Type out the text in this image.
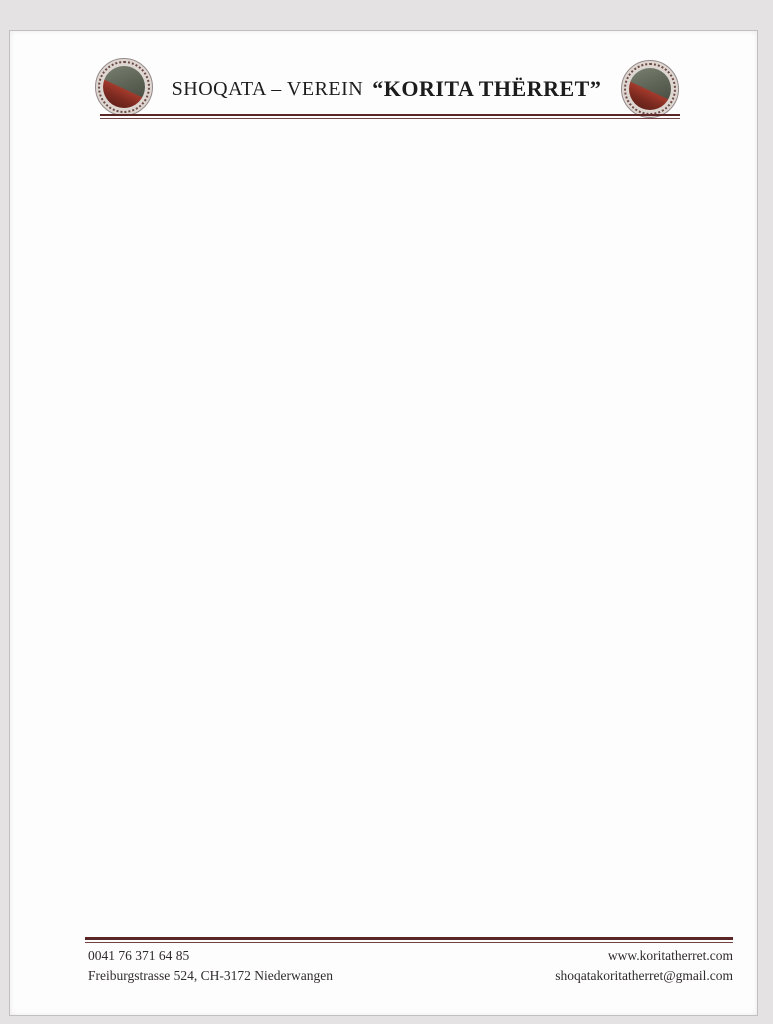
SHOQATA – VEREIN “KORITA THËRRET”
0041 76 371 64 85
Freiburgstrasse 524, CH-3172 Niederwangen
www.koritatherret.com
shoqatakoritatherret@gmail.com
